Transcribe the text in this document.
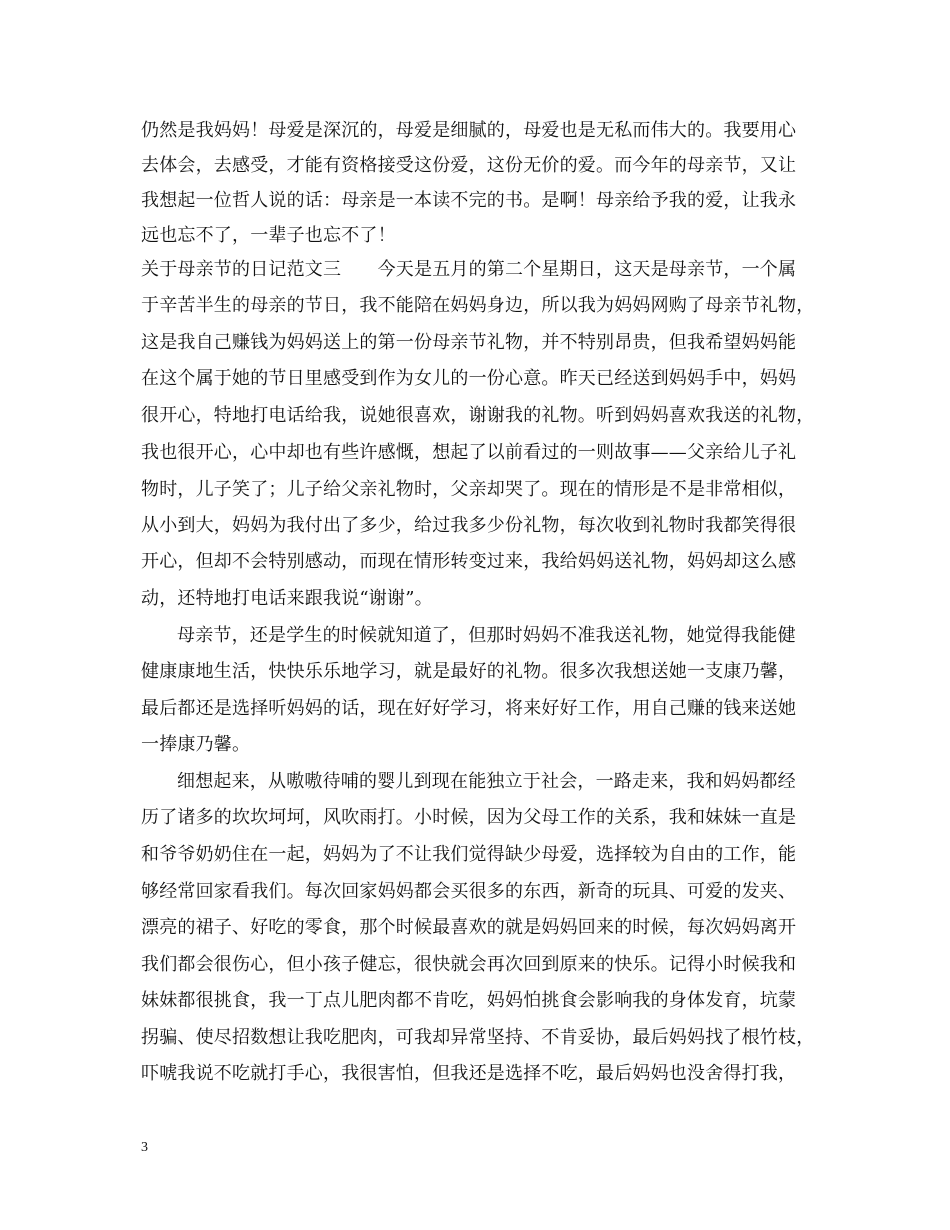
仍然是我妈妈！母爱是深沉的，母爱是细腻的，母爱也是无私而伟大的。我要用心
去体会，去感受，才能有资格接受这份爱，这份无价的爱。而今年的母亲节，又让
我想起一位哲人说的话：母亲是一本读不完的书。是啊！母亲给予我的爱，让我永
远也忘不了，一辈子也忘不了！
关于母亲节的日记范文三　　今天是五月的第二个星期日，这天是母亲节，一个属
于辛苦半生的母亲的节日，我不能陪在妈妈身边，所以我为妈妈网购了母亲节礼物，
这是我自己赚钱为妈妈送上的第一份母亲节礼物，并不特别昂贵，但我希望妈妈能
在这个属于她的节日里感受到作为女儿的一份心意。昨天已经送到妈妈手中，妈妈
很开心，特地打电话给我，说她很喜欢，谢谢我的礼物。听到妈妈喜欢我送的礼物，
我也很开心，心中却也有些许感慨，想起了以前看过的一则故事——父亲给儿子礼
物时，儿子笑了；儿子给父亲礼物时，父亲却哭了。现在的情形是不是非常相似，
从小到大，妈妈为我付出了多少，给过我多少份礼物，每次收到礼物时我都笑得很
开心，但却不会特别感动，而现在情形转变过来，我给妈妈送礼物，妈妈却这么感
动，还特地打电话来跟我说“谢谢”。
母亲节，还是学生的时候就知道了，但那时妈妈不准我送礼物，她觉得我能健
健康康地生活，快快乐乐地学习，就是最好的礼物。很多次我想送她一支康乃馨，
最后都还是选择听妈妈的话，现在好好学习，将来好好工作，用自己赚的钱来送她
一捧康乃馨。
细想起来，从嗷嗷待哺的婴儿到现在能独立于社会，一路走来，我和妈妈都经
历了诸多的坎坎坷坷，风吹雨打。小时候，因为父母工作的关系，我和妹妹一直是
和爷爷奶奶住在一起，妈妈为了不让我们觉得缺少母爱，选择较为自由的工作，能
够经常回家看我们。每次回家妈妈都会买很多的东西，新奇的玩具、可爱的发夹、
漂亮的裙子、好吃的零食，那个时候最喜欢的就是妈妈回来的时候，每次妈妈离开
我们都会很伤心，但小孩子健忘，很快就会再次回到原来的快乐。记得小时候我和
妹妹都很挑食，我一丁点儿肥肉都不肯吃，妈妈怕挑食会影响我的身体发育，坑蒙
拐骗、使尽招数想让我吃肥肉，可我却异常坚持、不肯妥协，最后妈妈找了根竹枝，
吓唬我说不吃就打手心，我很害怕，但我还是选择不吃，最后妈妈也没舍得打我，
3
